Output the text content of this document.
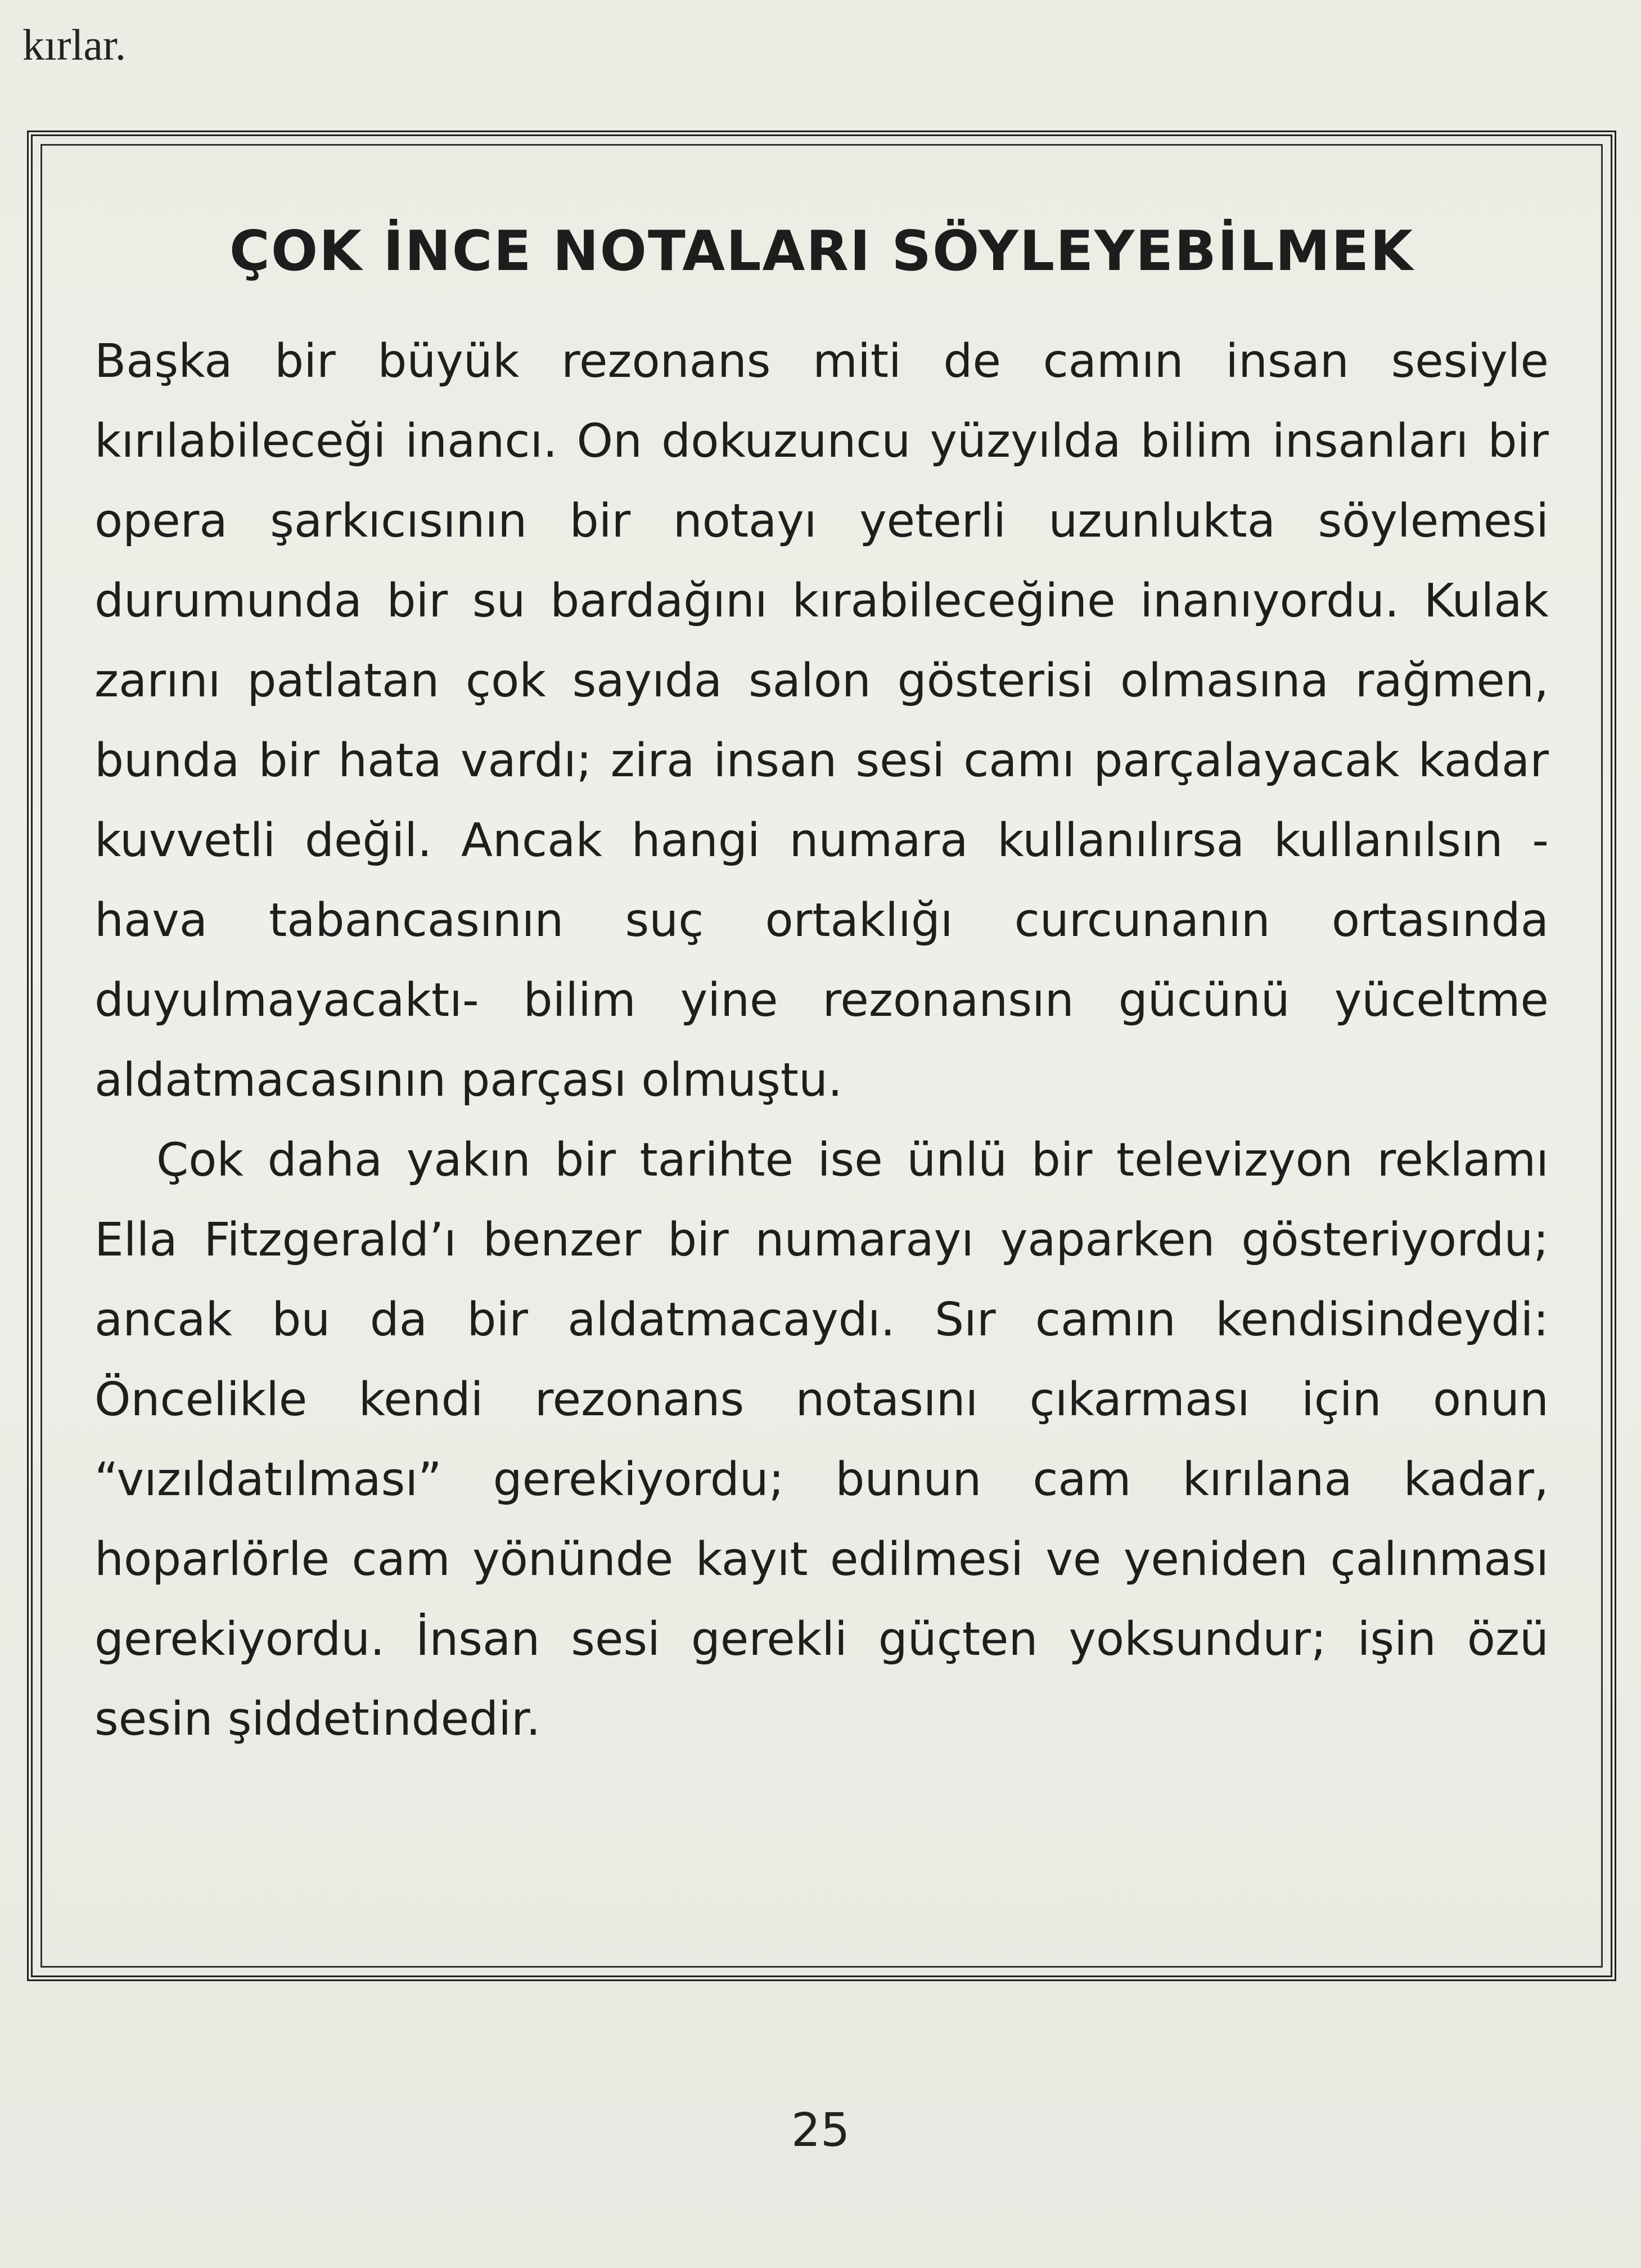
kırlar.
ÇOK İNCE NOTALARI SÖYLEYEBİLMEK

Başka bir büyük rezonans miti de camın insan sesiyle kırılabileceği inancı. On dokuzuncu yüzyılda bilim insanları bir opera şarkıcısının bir notayı yeterli uzunlukta söylemesi durumunda bir su bardağını kırabileceğine inanıyordu. Kulak zarını patlatan çok sayıda salon gösterisi olmasına rağmen, bunda bir hata vardı; zira insan sesi camı parçalayacak kadar kuvvetli değil. Ancak hangi numara kullanılırsa kullanılsın -hava tabancasının suç ortaklığı curcunanın ortasında duyulmayacaktı- bilim yine rezonansın gücünü yüceltme aldatmacasının parçası olmuştu.

Çok daha yakın bir tarihte ise ünlü bir televizyon reklamı Ella Fitzgerald’ı benzer bir numarayı yaparken gösteriyordu; ancak bu da bir aldatmacaydı. Sır camın kendisindeydi: Öncelikle kendi rezonans notasını çıkarması için onun “vızıldatılması” gerekiyordu; bunun cam kırılana kadar, hoparlörle cam yönünde kayıt edilmesi ve yeniden çalınması gerekiyordu. İnsan sesi gerekli güçten yoksundur; işin özü sesin şiddetindedir.

25
